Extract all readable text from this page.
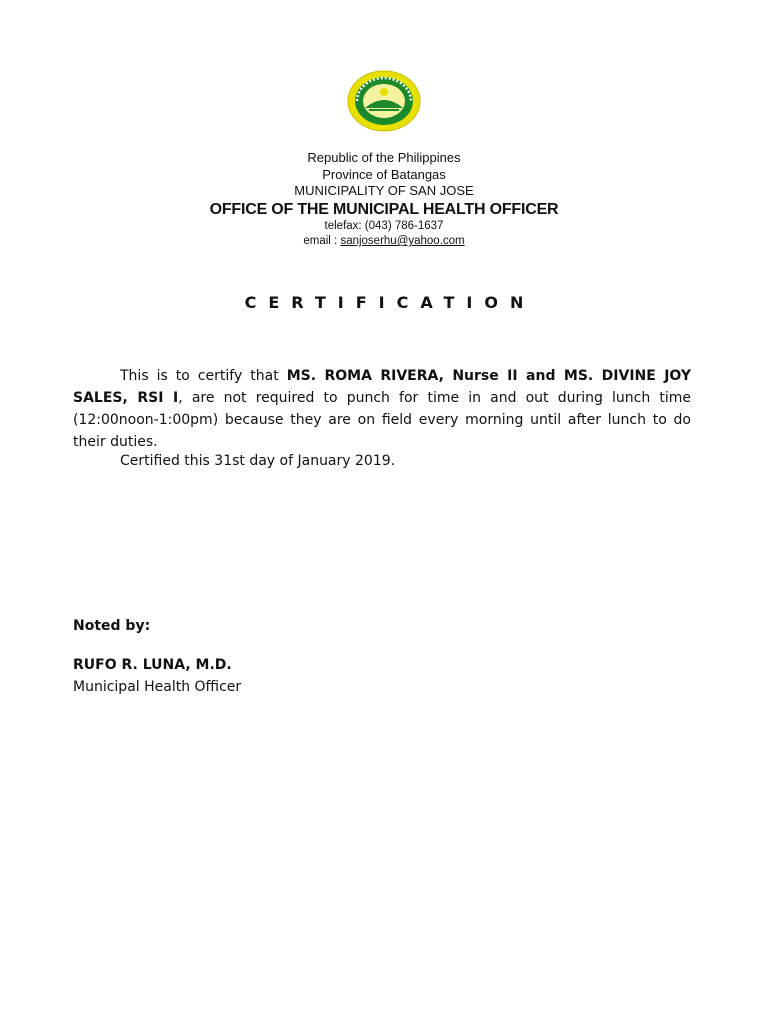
Republic of the Philippines
Province of Batangas
MUNICIPALITY OF SAN JOSE
OFFICE OF THE MUNICIPAL HEALTH OFFICER
telefax: (043) 786-1637
email : sanjoserhu@yahoo.com
CERTIFICATION
This is to certify that MS. ROMA RIVERA, Nurse II and MS. DIVINE JOY SALES, RSI I, are not required to punch for time in and out during lunch time (12:00noon-1:00pm) because they are on field every morning until after lunch to do their duties.
Certified this 31st day of January 2019.
Noted by:
RUFO R. LUNA, M.D.
Municipal Health Officer
